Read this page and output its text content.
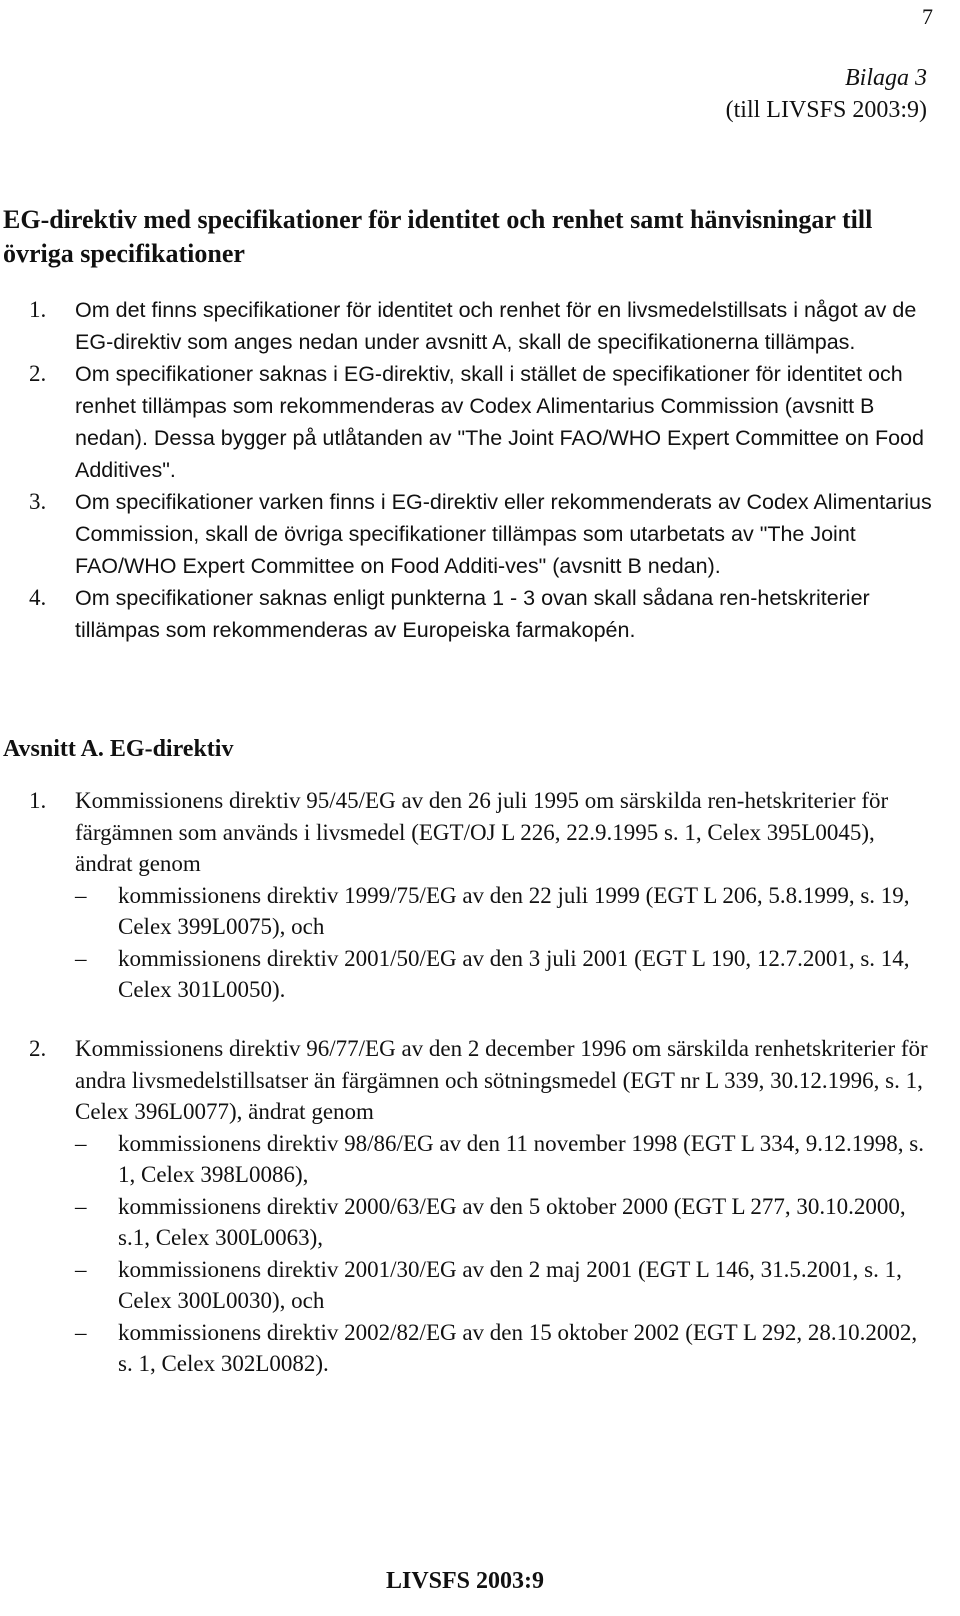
7
Bilaga 3
(till LIVSFS 2003:9)
EG-direktiv med specifikationer för identitet och renhet samt hänvisningar till övriga specifikationer
1. Om det finns specifikationer för identitet och renhet för en livsmedelstillsats i något av de EG-direktiv som anges nedan under avsnitt A, skall de specifikationerna tillämpas.
2. Om specifikationer saknas i EG-direktiv, skall i stället de specifikationer för identitet och renhet tillämpas som rekommenderas av Codex Alimentarius Commission (avsnitt B nedan). Dessa bygger på utlåtanden av "The Joint FAO/WHO Expert Committee on Food Additives".
3. Om specifikationer varken finns i EG-direktiv eller rekommenderats av Codex Alimentarius Commission, skall de övriga specifikationer tillämpas som utarbetats av "The Joint FAO/WHO Expert Committee on Food Additi-ves" (avsnitt B nedan).
4. Om specifikationer saknas enligt punkterna 1 - 3 ovan skall sådana ren-hetskriterier tillämpas som rekommenderas av Europeiska farmakopén.
Avsnitt A. EG-direktiv
1. Kommissionens direktiv 95/45/EG av den 26 juli 1995 om särskilda ren-hetskriterier för färgämnen som används i livsmedel (EGT/OJ L 226, 22.9.1995 s. 1, Celex 395L0045), ändrat genom
– kommissionens direktiv 1999/75/EG av den 22 juli 1999 (EGT L 206, 5.8.1999, s. 19, Celex 399L0075), och
– kommissionens direktiv 2001/50/EG av den 3 juli 2001 (EGT L 190, 12.7.2001, s. 14, Celex 301L0050).
2. Kommissionens direktiv 96/77/EG av den 2 december 1996 om särskilda renhetskriterier för andra livsmedelstillsatser än färgämnen och sötningsmedel (EGT nr L 339, 30.12.1996, s. 1, Celex 396L0077), ändrat genom
– kommissionens direktiv 98/86/EG av den 11 november 1998 (EGT L 334, 9.12.1998, s. 1, Celex 398L0086),
– kommissionens direktiv 2000/63/EG av den 5 oktober 2000 (EGT L 277, 30.10.2000, s.1, Celex 300L0063),
– kommissionens direktiv 2001/30/EG av den 2 maj 2001 (EGT L 146, 31.5.2001, s. 1, Celex 300L0030), och
– kommissionens direktiv 2002/82/EG av den 15 oktober 2002 (EGT L 292, 28.10.2002, s. 1, Celex 302L0082).
LIVSFS 2003:9
